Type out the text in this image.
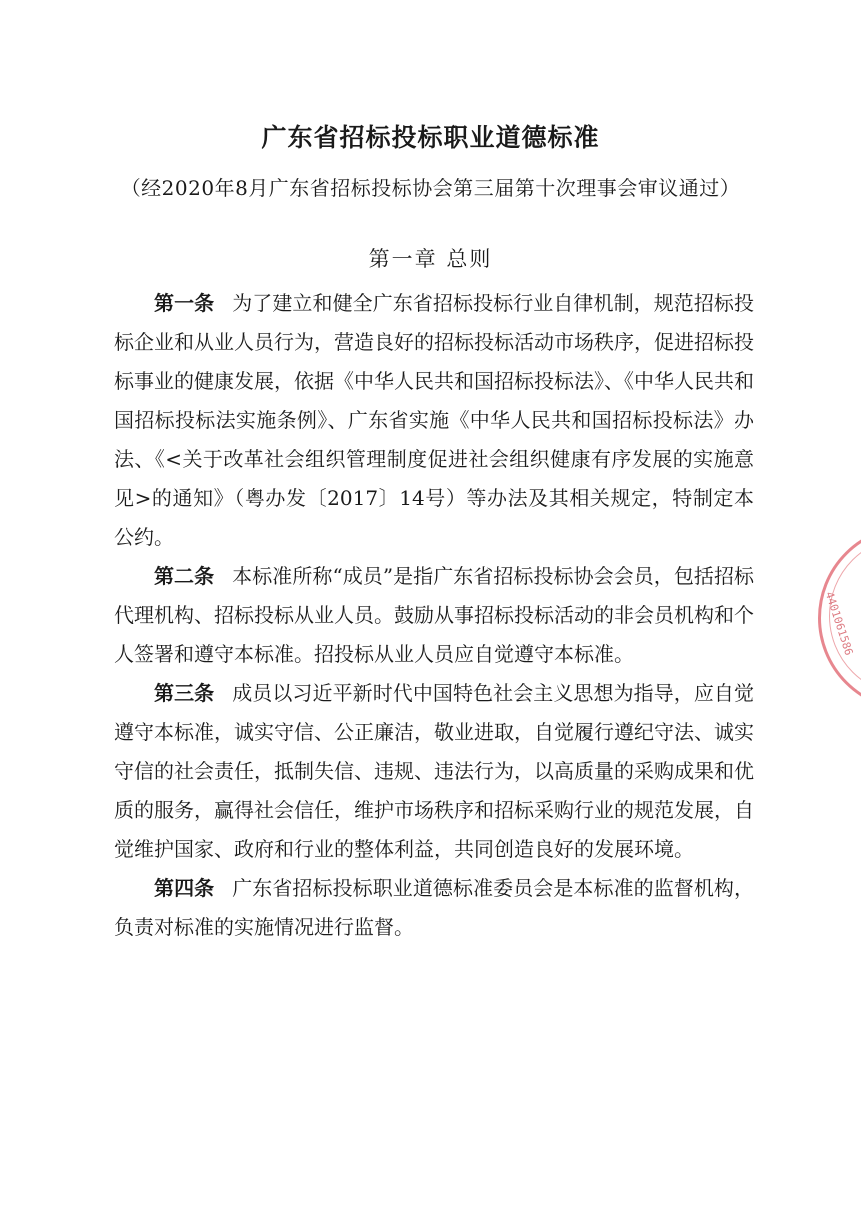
广东省招标投标职业道德标准
（经2020年8月广东省招标投标协会第三届第十次理事会审议通过）
第一章 总则

第一条 为了建立和健全广东省招标投标行业自律机制，规范招标投标企业和从业人员行为，营造良好的招标投标活动市场秩序，促进招标投标事业的健康发展，依据《中华人民共和国招标投标法》、《中华人民共和国招标投标法实施条例》、广东省实施《中华人民共和国招标投标法》办法、《<关于改革社会组织管理制度促进社会组织健康有序发展的实施意见>的通知》（粤办发〔2017〕14号）等办法及其相关规定，特制定本公约。

第二条 本标准所称“成员”是指广东省招标投标协会会员，包括招标代理机构、招标投标从业人员。鼓励从事招标投标活动的非会员机构和个人签署和遵守本标准。招投标从业人员应自觉遵守本标准。

第三条 成员以习近平新时代中国特色社会主义思想为指导，应自觉遵守本标准，诚实守信、公正廉洁，敬业进取，自觉履行遵纪守法、诚实守信的社会责任，抵制失信、违规、违法行为，以高质量的采购成果和优质的服务，赢得社会信任，维护市场秩序和招标采购行业的规范发展，自觉维护国家、政府和行业的整体利益，共同创造良好的发展环境。

第四条 广东省招标投标职业道德标准委员会是本标准的监督机构，负责对标准的实施情况进行监督。

4401061586
